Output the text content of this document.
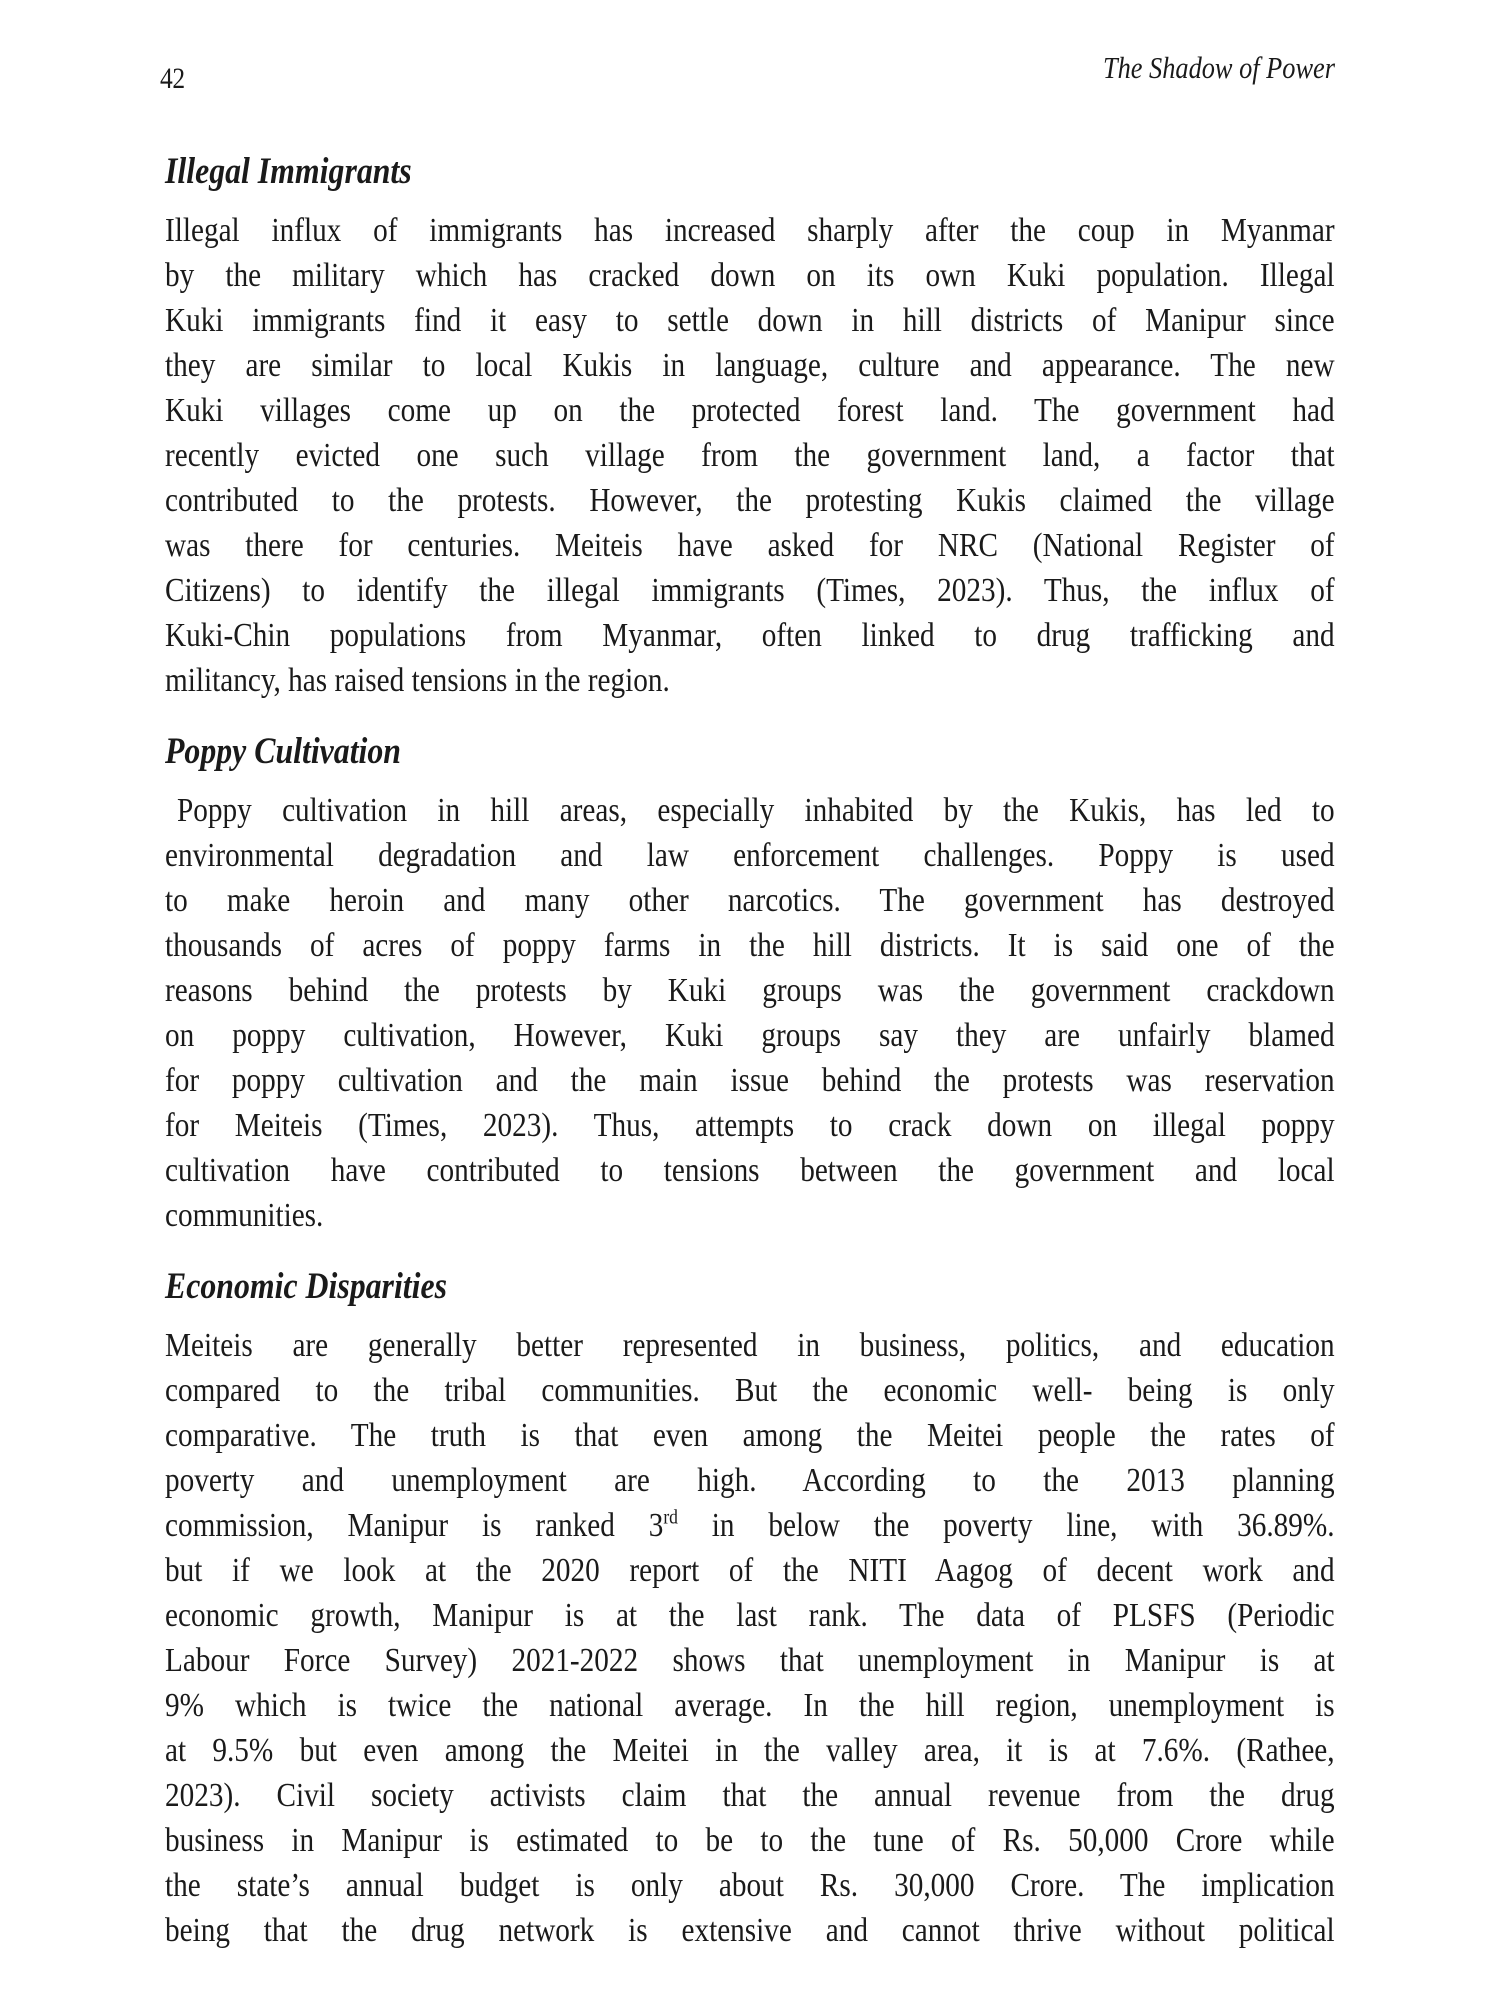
42	The Shadow of Power
Illegal Immigrants
Illegal influx of immigrants has increased sharply after the coup in Myanmar
by the military which has cracked down on its own Kuki population. Illegal
Kuki immigrants find it easy to settle down in hill districts of Manipur since
they are similar to local Kukis in language, culture and appearance. The new
Kuki villages come up on the protected forest land. The government had
recently evicted one such village from the government land, a factor that
contributed to the protests. However, the protesting Kukis claimed the village
was there for centuries. Meiteis have asked for NRC (National Register of
Citizens) to identify the illegal immigrants (Times, 2023). Thus, the influx of
Kuki-Chin populations from Myanmar, often linked to drug trafficking and
militancy, has raised tensions in the region.
Poppy Cultivation
Poppy cultivation in hill areas, especially inhabited by the Kukis, has led to
environmental degradation and law enforcement challenges. Poppy is used
to make heroin and many other narcotics. The government has destroyed
thousands of acres of poppy farms in the hill districts. It is said one of the
reasons behind the protests by Kuki groups was the government crackdown
on poppy cultivation, However, Kuki groups say they are unfairly blamed
for poppy cultivation and the main issue behind the protests was reservation
for Meiteis (Times, 2023). Thus, attempts to crack down on illegal poppy
cultivation have contributed to tensions between the government and local
communities.
Economic Disparities
Meiteis are generally better represented in business, politics, and education
compared to the tribal communities. But the economic well- being is only
comparative. The truth is that even among the Meitei people the rates of
poverty and unemployment are high. According to the 2013 planning
commission, Manipur is ranked 3rd in below the poverty line, with 36.89%.
but if we look at the 2020 report of the NITI Aagog of decent work and
economic growth, Manipur is at the last rank. The data of PLSFS (Periodic
Labour Force Survey) 2021-2022 shows that unemployment in Manipur is at
9% which is twice the national average. In the hill region, unemployment is
at 9.5% but even among the Meitei in the valley area, it is at 7.6%. (Rathee,
2023). Civil society activists claim that the annual revenue from the drug
business in Manipur is estimated to be to the tune of Rs. 50,000 Crore while
the state’s annual budget is only about Rs. 30,000 Crore. The implication
being that the drug network is extensive and cannot thrive without political
